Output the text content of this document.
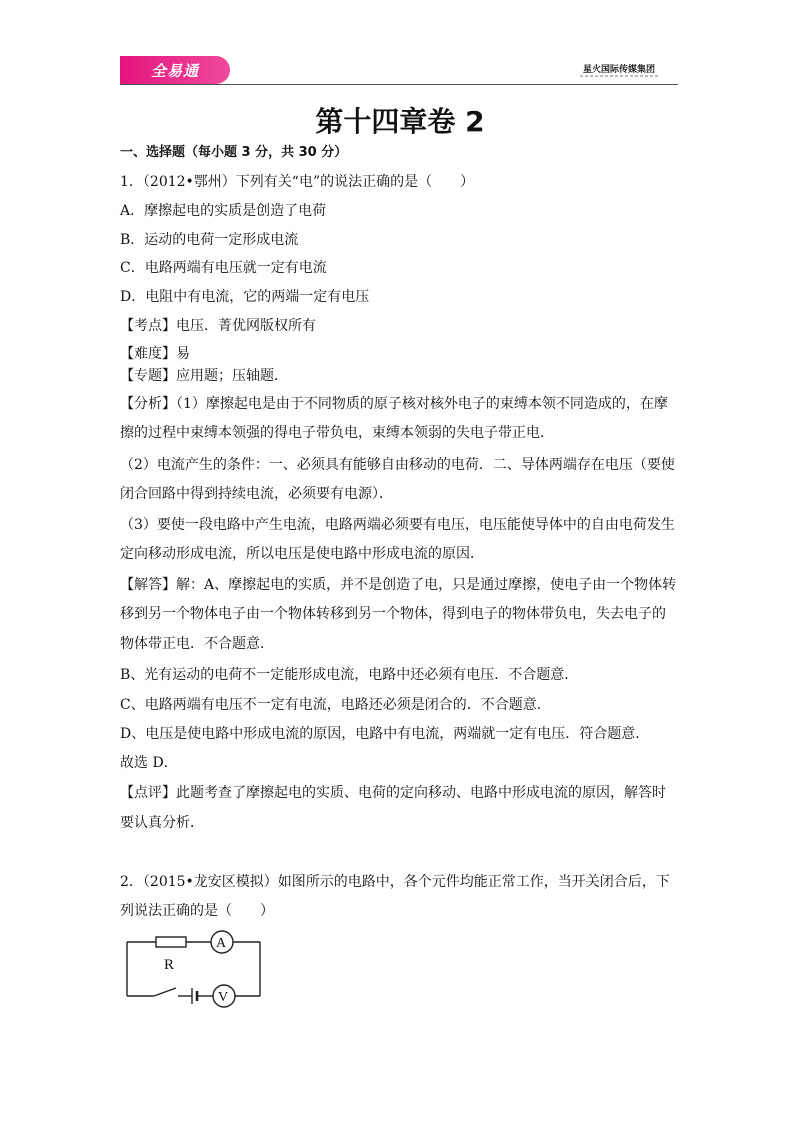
全易通	星火国际传媒集团
第十四章卷 2
一、选择题（每小题 3 分，共 30 分）
1．（2012•鄂州）下列有关“电”的说法正确的是（　　）
A．摩擦起电的实质是创造了电荷
B．运动的电荷一定形成电流
C．电路两端有电压就一定有电流
D．电阻中有电流，它的两端一定有电压
【考点】电压．菁优网版权所有
【难度】易
【专题】应用题；压轴题．
【分析】（1）摩擦起电是由于不同物质的原子核对核外电子的束缚本领不同造成的，在摩
擦的过程中束缚本领强的得电子带负电，束缚本领弱的失电子带正电．
（2）电流产生的条件：一、必须具有能够自由移动的电荷．二、导体两端存在电压（要使
闭合回路中得到持续电流，必须要有电源）．
（3）要使一段电路中产生电流，电路两端必须要有电压，电压能使导体中的自由电荷发生
定向移动形成电流，所以电压是使电路中形成电流的原因．
【解答】解：A、摩擦起电的实质，并不是创造了电，只是通过摩擦，使电子由一个物体转
移到另一个物体电子由一个物体转移到另一个物体，得到电子的物体带负电，失去电子的
物体带正电．不合题意．
B、光有运动的电荷不一定能形成电流，电路中还必须有电压．不合题意．
C、电路两端有电压不一定有电流，电路还必须是闭合的．不合题意．
D、电压是使电路中形成电流的原因，电路中有电流，两端就一定有电压．符合题意．
故选 D．
【点评】此题考查了摩擦起电的实质、电荷的定向移动、电路中形成电流的原因，解答时
要认真分析．
2．（2015•龙安区模拟）如图所示的电路中，各个元件均能正常工作，当开关闭合后，下
列说法正确的是（　　）
R
A
V
